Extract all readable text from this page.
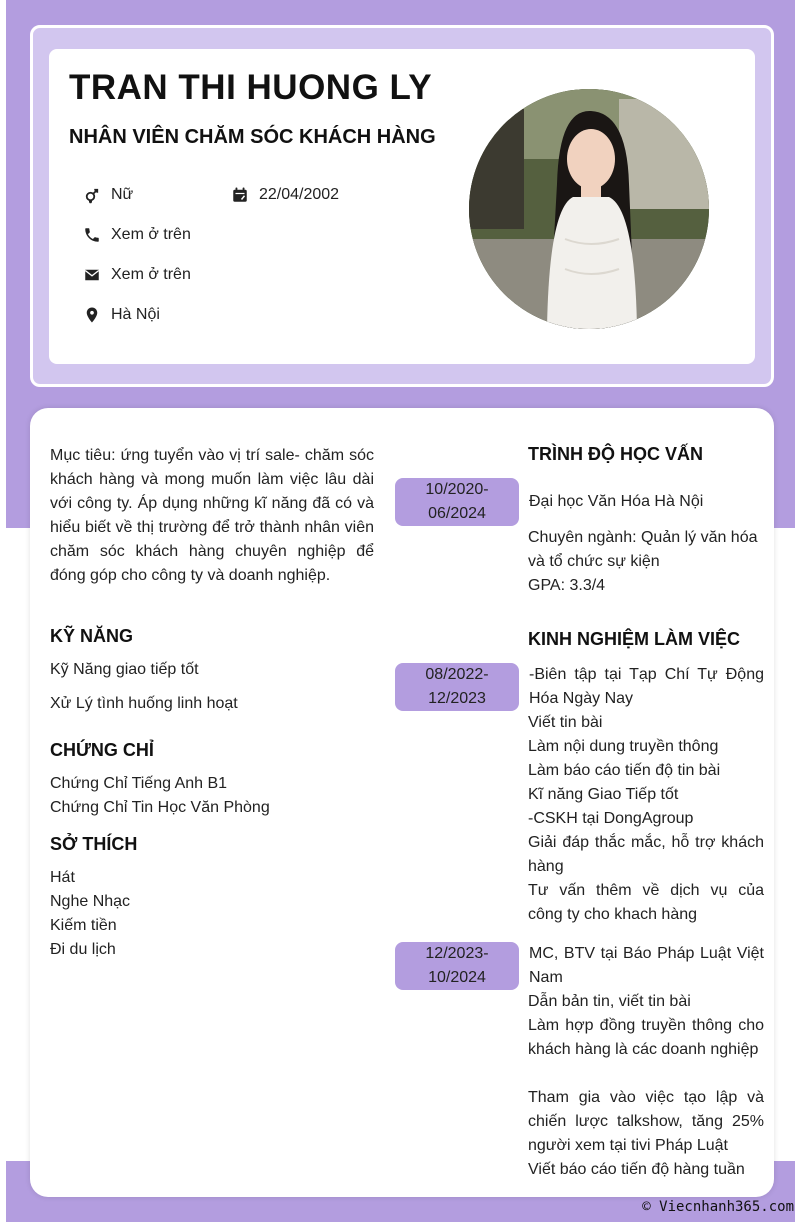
TRAN THI HUONG LY
NHÂN VIÊN CHĂM SÓC KHÁCH HÀNG
Nữ	22/04/2002
Xem ở trên
Xem ở trên
Hà Nội
Mục tiêu: ứng tuyển vào vị trí sale- chăm sóc khách hàng và mong muốn làm việc lâu dài với công ty. Áp dụng những kĩ năng đã có và hiểu biết về thị trường để trở thành nhân viên chăm sóc khách hàng chuyên nghiệp để đóng góp cho công ty và doanh nghiệp.
KỸ NĂNG
Kỹ Năng giao tiếp tốt
Xử Lý tình huống linh hoạt
CHỨNG CHỈ
Chứng Chỉ Tiếng Anh B1
Chứng Chỉ Tin Học Văn Phòng
SỞ THÍCH
Hát
Nghe Nhạc
Kiếm tiền
Đi du lịch
TRÌNH ĐỘ HỌC VẤN
10/2020-
06/2024
Đại học Văn Hóa Hà Nội
Chuyên ngành: Quản lý văn hóa và tổ chức sự kiện
GPA: 3.3/4
KINH NGHIỆM LÀM VIỆC
08/2022-
12/2023
-Biên tập tại Tạp Chí Tự Động Hóa Ngày Nay
Viết tin bài
Làm nội dung truyền thông
Làm báo cáo tiến độ tin bài
Kĩ năng Giao Tiếp tốt
-CSKH tại DongAgroup
Giải đáp thắc mắc, hỗ trợ khách hàng
Tư vấn thêm về dịch vụ của công ty cho khach hàng
12/2023-
10/2024
MC, BTV tại Báo Pháp Luật Việt Nam
Dẫn bản tin, viết tin bài
Làm hợp đồng truyền thông cho khách hàng là các doanh nghiệp
Tham gia vào việc tạo lập và chiến lược talkshow, tăng 25% người xem tại tivi Pháp Luật
Viết báo cáo tiến độ hàng tuần
© Viecnhanh365.com
